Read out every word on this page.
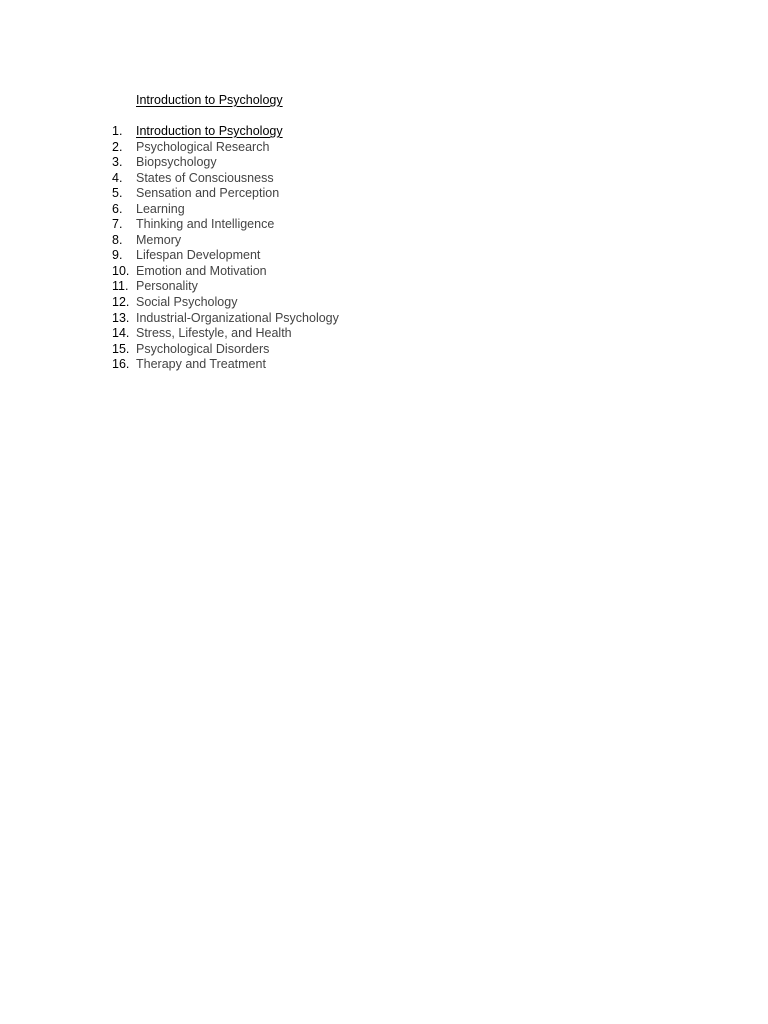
Introduction to Psychology
1. Introduction to Psychology
2. Psychological Research
3. Biopsychology
4. States of Consciousness
5. Sensation and Perception
6. Learning
7. Thinking and Intelligence
8. Memory
9. Lifespan Development
10. Emotion and Motivation
11. Personality
12. Social Psychology
13. Industrial-Organizational Psychology
14. Stress, Lifestyle, and Health
15. Psychological Disorders
16. Therapy and Treatment
